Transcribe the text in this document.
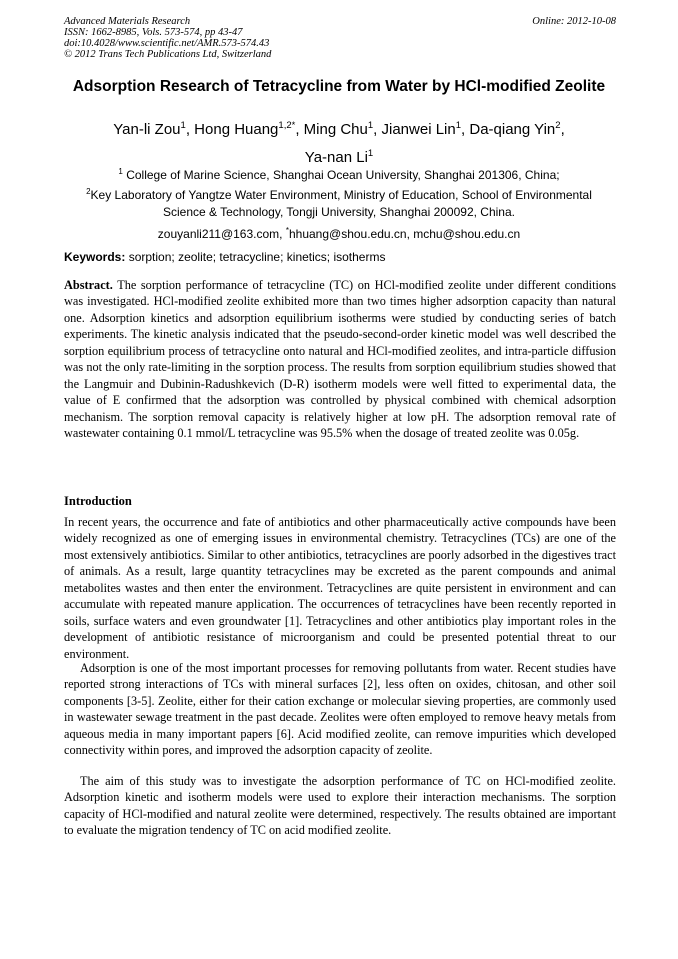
Advanced Materials Research
ISSN: 1662-8985, Vols. 573-574, pp 43-47
doi:10.4028/www.scientific.net/AMR.573-574.43
© 2012 Trans Tech Publications Ltd, Switzerland
Online: 2012-10-08
Adsorption Research of Tetracycline from Water by HCl-modified Zeolite
Yan-li Zou$^1$, Hong Huang$^{1,2*}$, Ming Chu$^1$, Jianwei Lin$^1$, Da-qiang Yin$^2$,
Ya-nan Li$^1$
$^1$ College of Marine Science, Shanghai Ocean University, Shanghai 201306, China;
$^2$Key Laboratory of Yangtze Water Environment, Ministry of Education, School of Environmental
Science & Technology, Tongji University, Shanghai 200092, China.
zouyanli211@163.com, *hhuang@shou.edu.cn, mchu@shou.edu.cn
Keywords: sorption; zeolite; tetracycline; kinetics; isotherms

Abstract. The sorption performance of tetracycline (TC) on HCl-modified zeolite under different conditions was investigated. HCl-modified zeolite exhibited more than two times higher adsorption capacity than natural one. Adsorption kinetics and adsorption equilibrium isotherms were studied by conducting series of batch experiments. The kinetic analysis indicated that the pseudo-second-order kinetic model was well described the sorption equilibrium process of tetracycline onto natural and HCl-modified zeolites, and intra-particle diffusion was not the only rate-limiting in the sorption process. The results from sorption equilibrium studies showed that the Langmuir and Dubinin-Radushkevich (D-R) isotherm models were well fitted to experimental data, the value of E confirmed that the adsorption was controlled by physical combined with chemical adsorption mechanism. The sorption removal capacity is relatively higher at low pH. The adsorption removal rate of wastewater containing 0.1 mmol/L tetracycline was 95.5% when the dosage of treated zeolite was 0.05g.

Introduction

In recent years, the occurrence and fate of antibiotics and other pharmaceutically active compounds have been widely recognized as one of emerging issues in environmental chemistry. Tetracyclines (TCs) are one of the most extensively antibiotics. Similar to other antibiotics, tetracyclines are poorly adsorbed in the digestives tract of animals. As a result, large quantity tetracyclines may be excreted as the parent compounds and animal metabolites wastes and then enter the environment. Tetracyclines are quite persistent in environment and can accumulate with repeated manure application. The occurrences of tetracyclines have been recently reported in soils, surface waters and even groundwater [1]. Tetracyclines and other antibiotics play important roles in the development of antibiotic resistance of microorganism and could be presented potential threat to our environment.

Adsorption is one of the most important processes for removing pollutants from water. Recent studies have reported strong interactions of TCs with mineral surfaces [2], less often on oxides, chitosan, and other soil components [3-5]. Zeolite, either for their cation exchange or molecular sieving properties, are commonly used in wastewater sewage treatment in the past decade. Zeolites were often employed to remove heavy metals from aqueous media in many important papers [6]. Acid modified zeolite, can remove impurities which developed connectivity within pores, and improved the adsorption capacity of zeolite.

The aim of this study was to investigate the adsorption performance of TC on HCl-modified zeolite. Adsorption kinetic and isotherm models were used to explore their interaction mechanisms. The sorption capacity of HCl-modified and natural zeolite were determined, respectively. The results obtained are important to evaluate the migration tendency of TC on acid modified zeolite.
